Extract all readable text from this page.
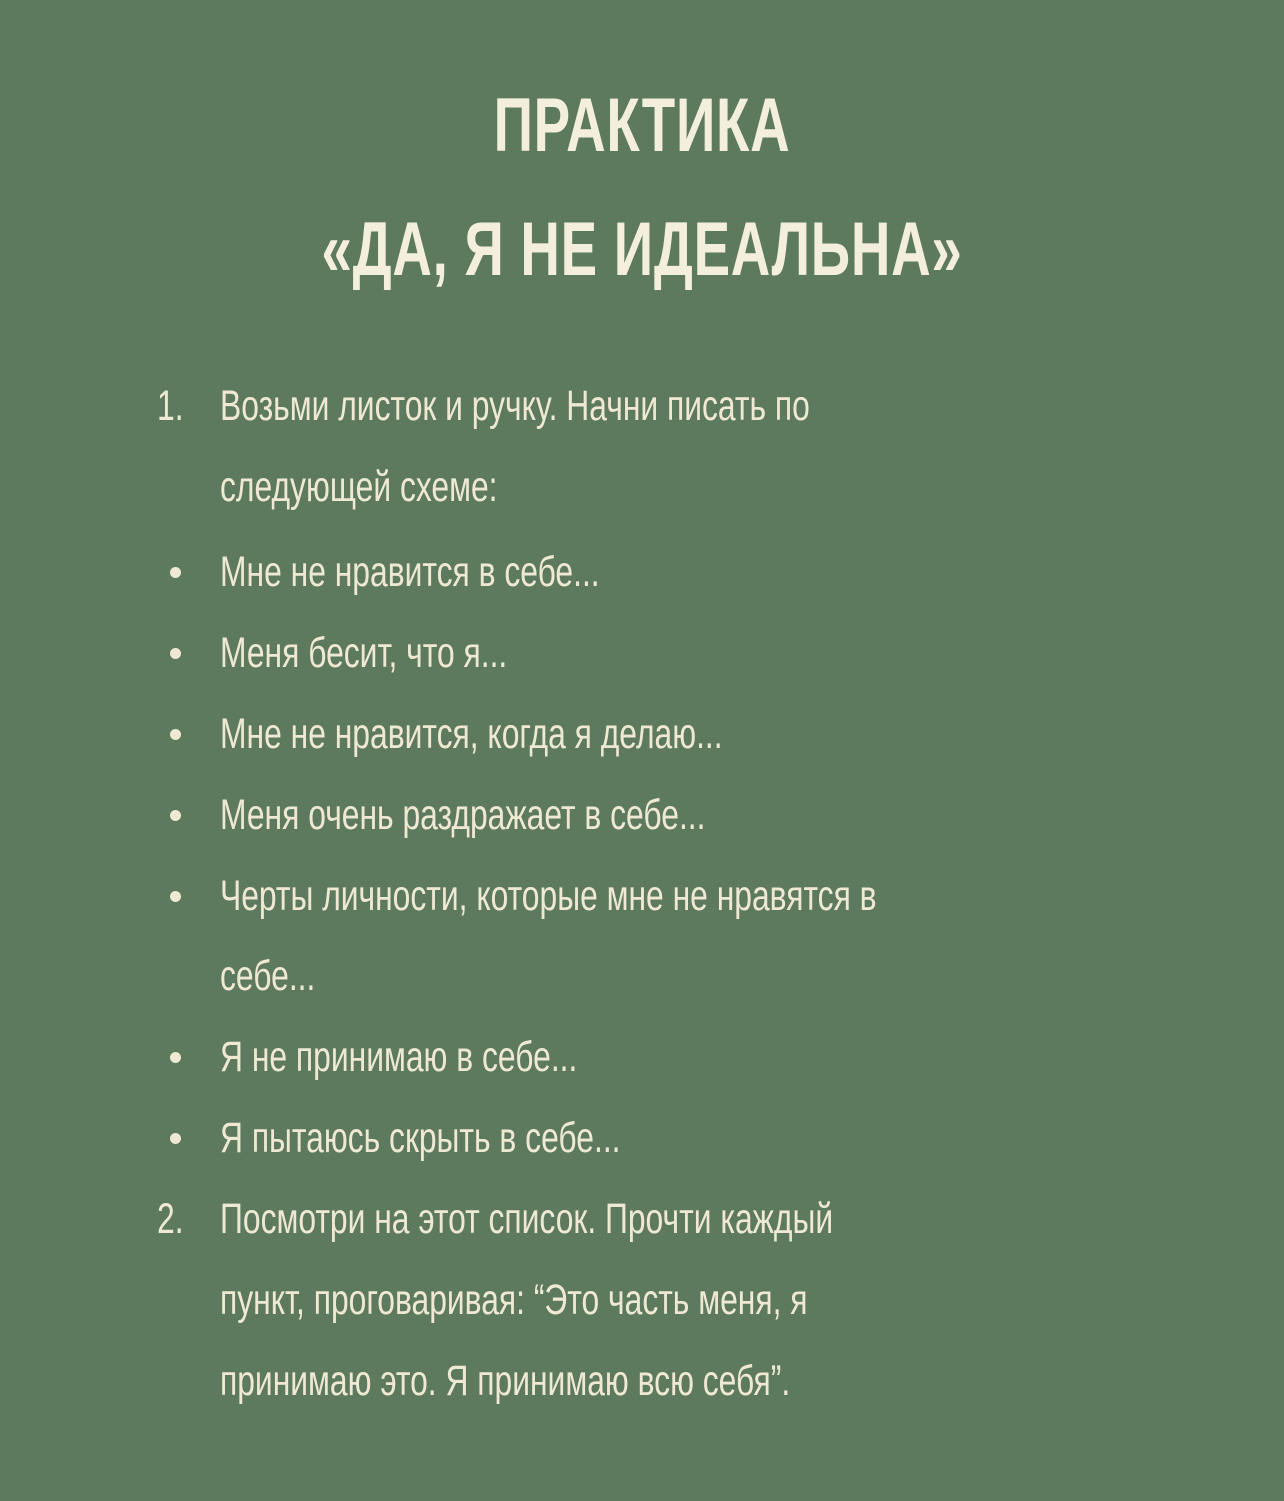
ПРАКТИКА
«ДА, Я НЕ ИДЕАЛЬНА»
1. Возьми листок и ручку. Начни писать по
следующей схеме:
Мне не нравится в себе...
Меня бесит, что я...
Мне не нравится, когда я делаю...
Меня очень раздражает в себе...
Черты личности, которые мне не нравятся в
себе...
Я не принимаю в себе...
Я пытаюсь скрыть в себе...
2. Посмотри на этот список. Прочти каждый
пункт, проговаривая: “Это часть меня, я
принимаю это. Я принимаю всю себя”.
